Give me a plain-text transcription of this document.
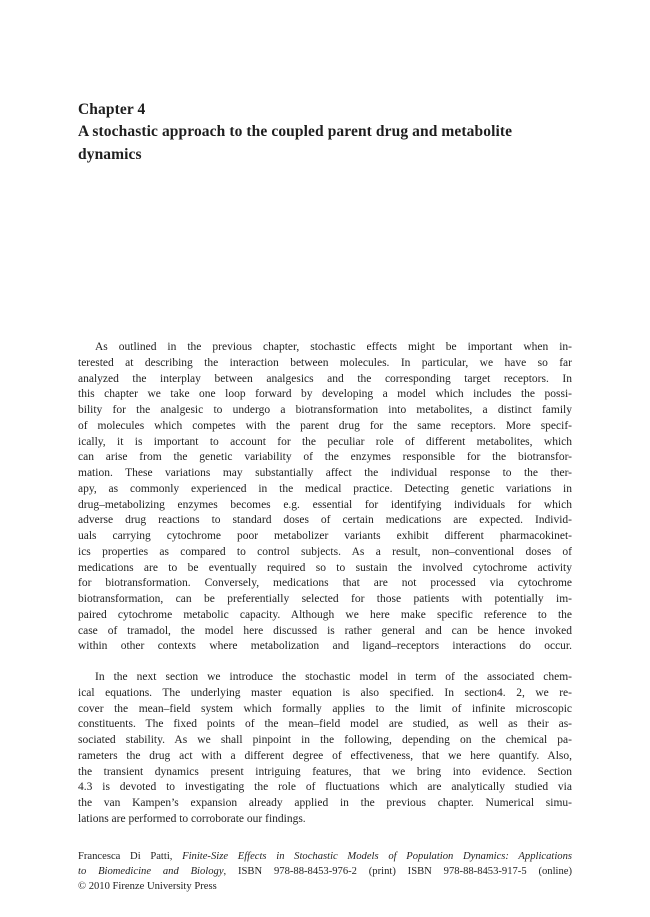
Chapter 4
A stochastic approach to the coupled parent drug and metabolite
dynamics
As outlined in the previous chapter, stochastic effects might be important when in-
terested at describing the interaction between molecules. In particular, we have so far
analyzed the interplay between analgesics and the corresponding target receptors. In
this chapter we take one loop forward by developing a model which includes the possi-
bility for the analgesic to undergo a biotransformation into metabolites, a distinct family
of molecules which competes with the parent drug for the same receptors. More specif-
ically, it is important to account for the peculiar role of different metabolites, which
can arise from the genetic variability of the enzymes responsible for the biotransfor-
mation. These variations may substantially affect the individual response to the ther-
apy, as commonly experienced in the medical practice. Detecting genetic variations in
drug–metabolizing enzymes becomes e.g. essential for identifying individuals for which
adverse drug reactions to standard doses of certain medications are expected. Individ-
uals carrying cytochrome poor metabolizer variants exhibit different pharmacokinet-
ics properties as compared to control subjects. As a result, non–conventional doses of
medications are to be eventually required so to sustain the involved cytochrome activity
for biotransformation. Conversely, medications that are not processed via cytochrome
biotransformation, can be preferentially selected for those patients with potentially im-
paired cytochrome metabolic capacity. Although we here make specific reference to the
case of tramadol, the model here discussed is rather general and can be hence invoked
within other contexts where metabolization and ligand–receptors interactions do occur.
In the next section we introduce the stochastic model in term of the associated chem-
ical equations. The underlying master equation is also specified. In section4. 2, we re-
cover the mean–field system which formally applies to the limit of infinite microscopic
constituents. The fixed points of the mean–field model are studied, as well as their as-
sociated stability. As we shall pinpoint in the following, depending on the chemical pa-
rameters the drug act with a different degree of effectiveness, that we here quantify. Also,
the transient dynamics present intriguing features, that we bring into evidence. Section
4.3 is devoted to investigating the role of fluctuations which are analytically studied via
the van Kampen’s expansion already applied in the previous chapter. Numerical simu-
lations are performed to corroborate our findings.
Francesca Di Patti, Finite-Size Effects in Stochastic Models of Population Dynamics: Applications
to Biomedicine and Biology, ISBN 978-88-8453-976-2 (print) ISBN 978-88-8453-917-5 (online)
© 2010 Firenze University Press
